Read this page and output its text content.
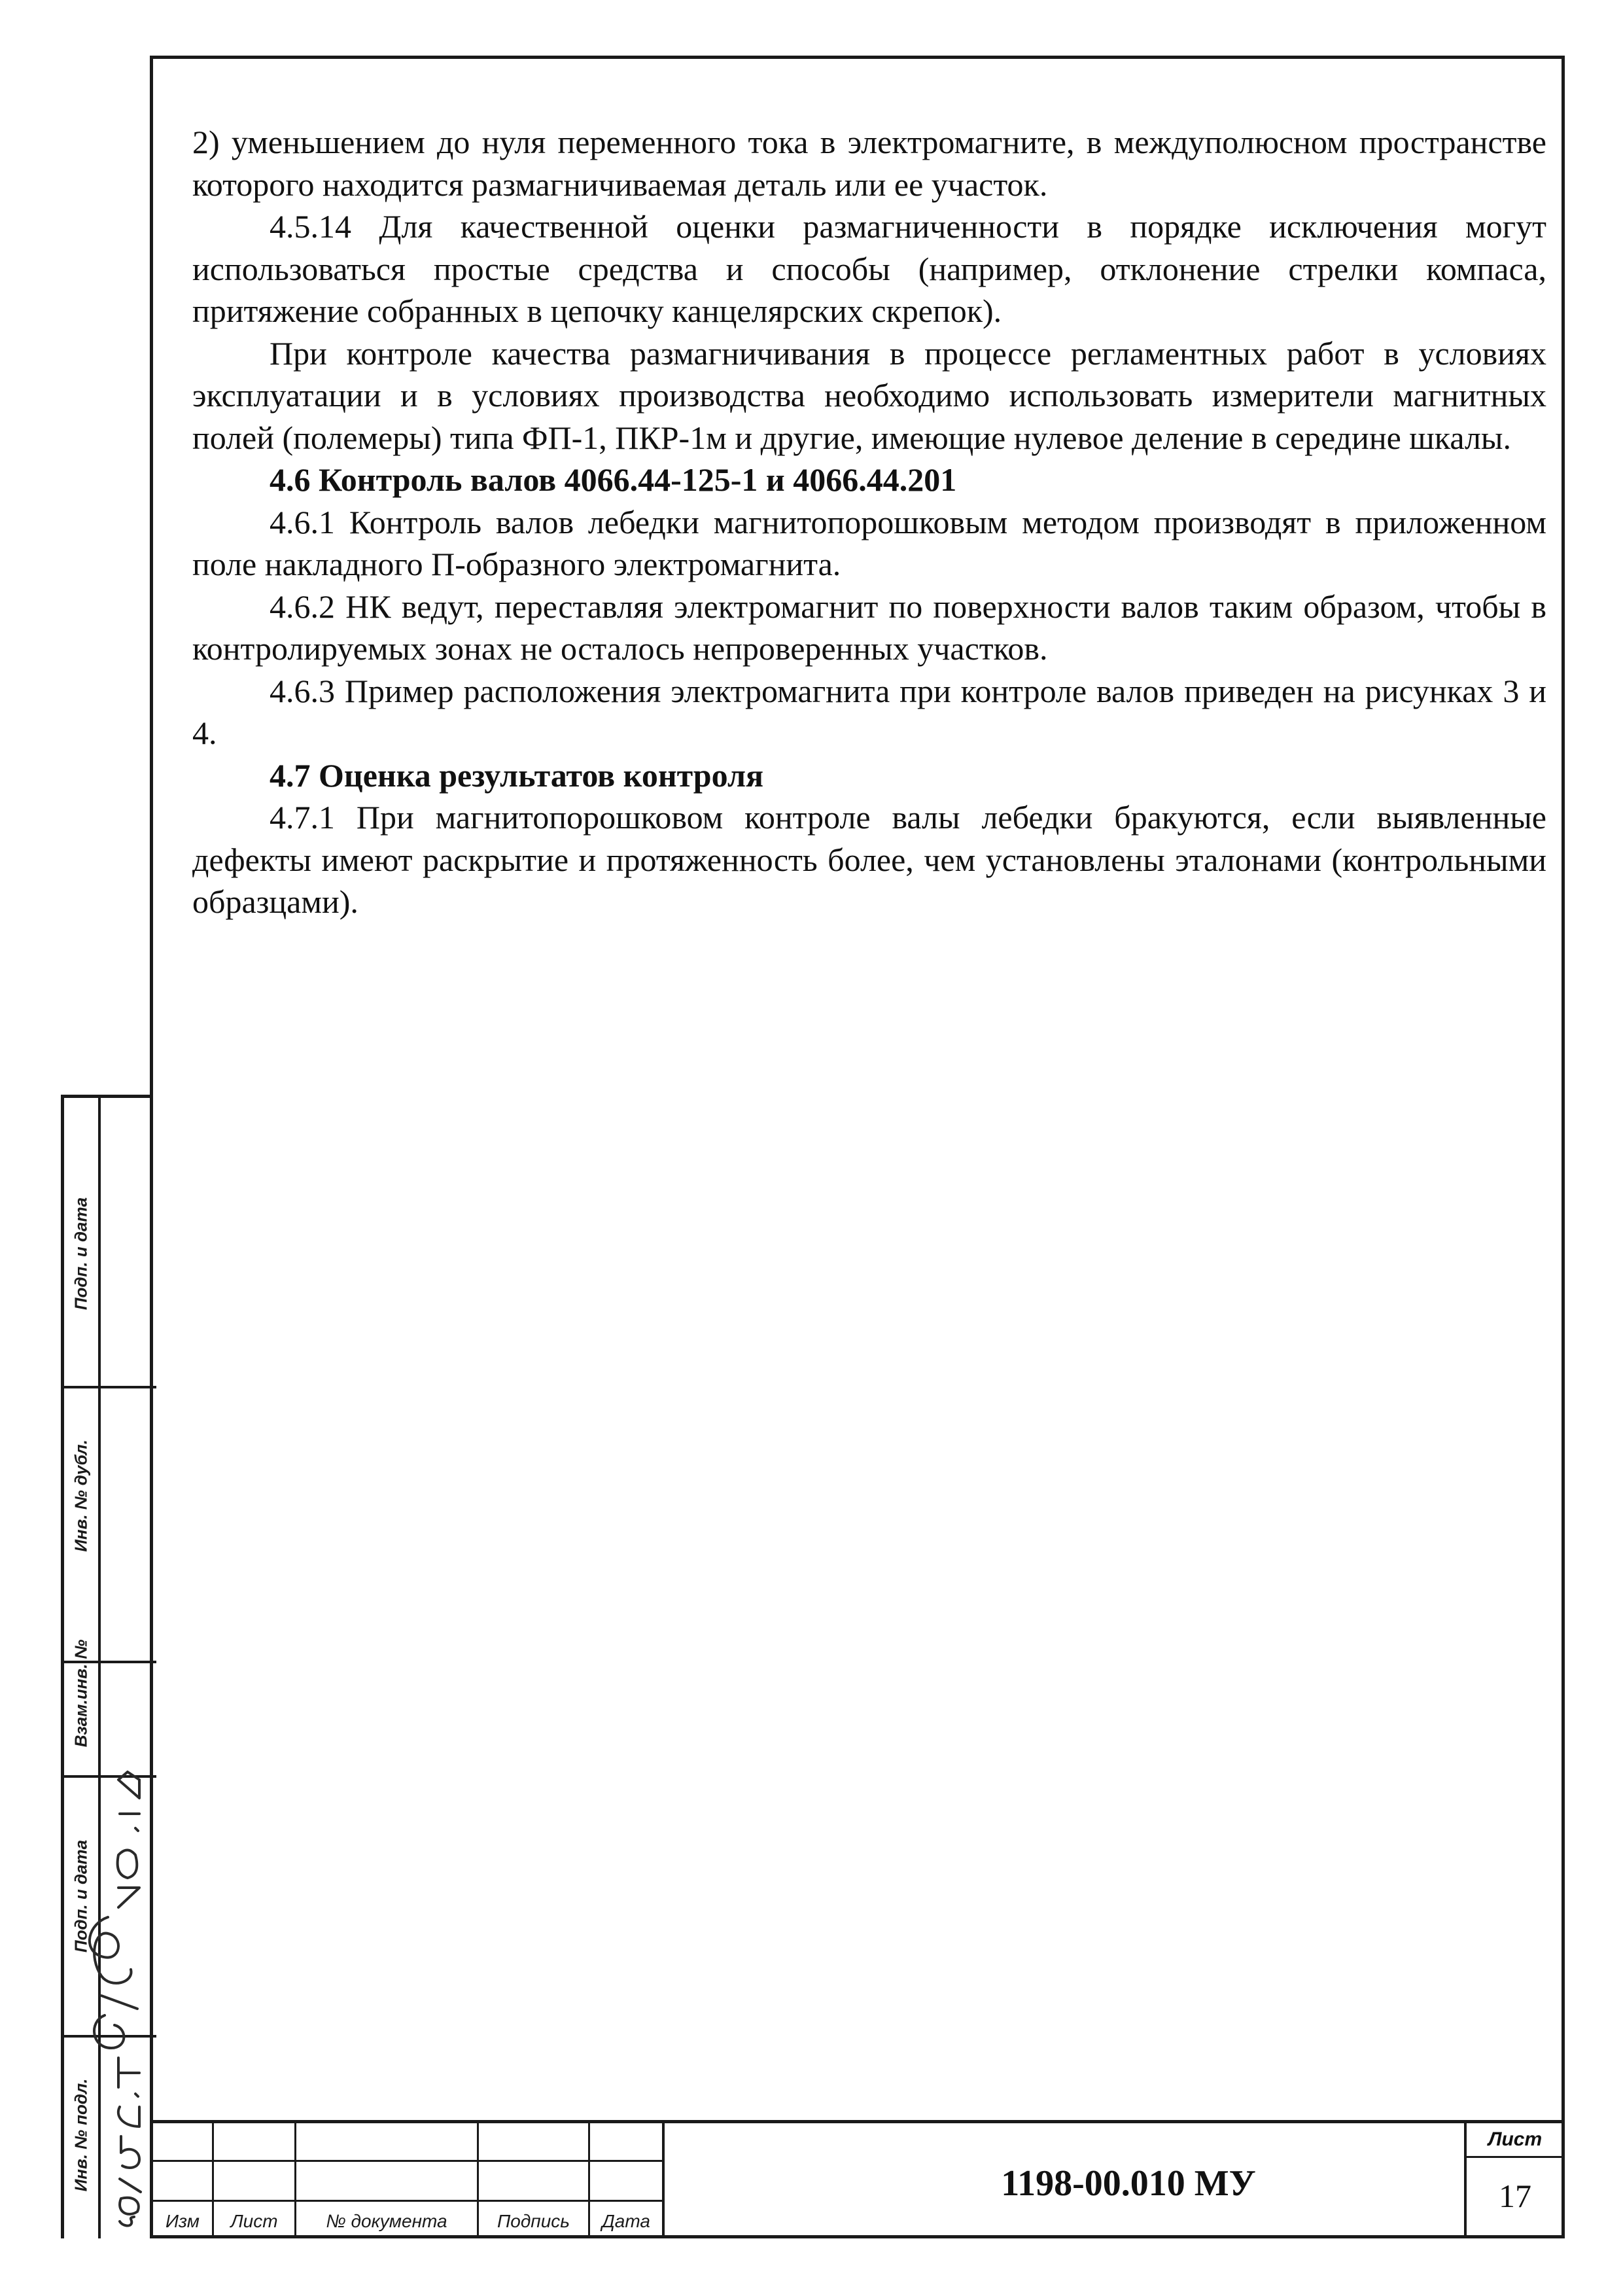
2) уменьшением до нуля переменного тока в электромагните, в междуполюсном пространстве которого находится размагничиваемая деталь или ее участок.

4.5.14 Для качественной оценки размагниченности в порядке исключения могут использоваться простые средства и способы (например, отклонение стрелки компаса, притяжение собранных в цепочку канцелярских скрепок).

При контроле качества размагничивания в процессе регламентных работ в условиях эксплуатации и в условиях производства необходимо использовать измерители магнитных полей (полемеры) типа ФП-1, ПКР-1м и другие, имеющие нулевое деление в середине шкалы.

4.6 Контроль валов 4066.44-125-1 и 4066.44.201

4.6.1 Контроль валов лебедки магнитопорошковым методом производят в приложенном поле накладного П-образного электромагнита.

4.6.2 НК ведут, переставляя электромагнит по поверхности валов таким образом, чтобы в контролируемых зонах не осталось непроверенных участков.

4.6.3 Пример расположения электромагнита при контроле валов приведен на рисунках 3 и 4.

4.7 Оценка результатов контроля

4.7.1 При магнитопорошковом контроле валы лебедки бракуются, если выявленные дефекты имеют раскрытие и протяженность более, чем установлены эталонами (контрольными образцами).

Подп. и дата
Инв. № дубл.
Взам.инв. №
Подп. и дата
Инв. № подл.
Изм	Лист	№ документа	Подпись	Дата
1198-00.010 МУ
Лист
17
